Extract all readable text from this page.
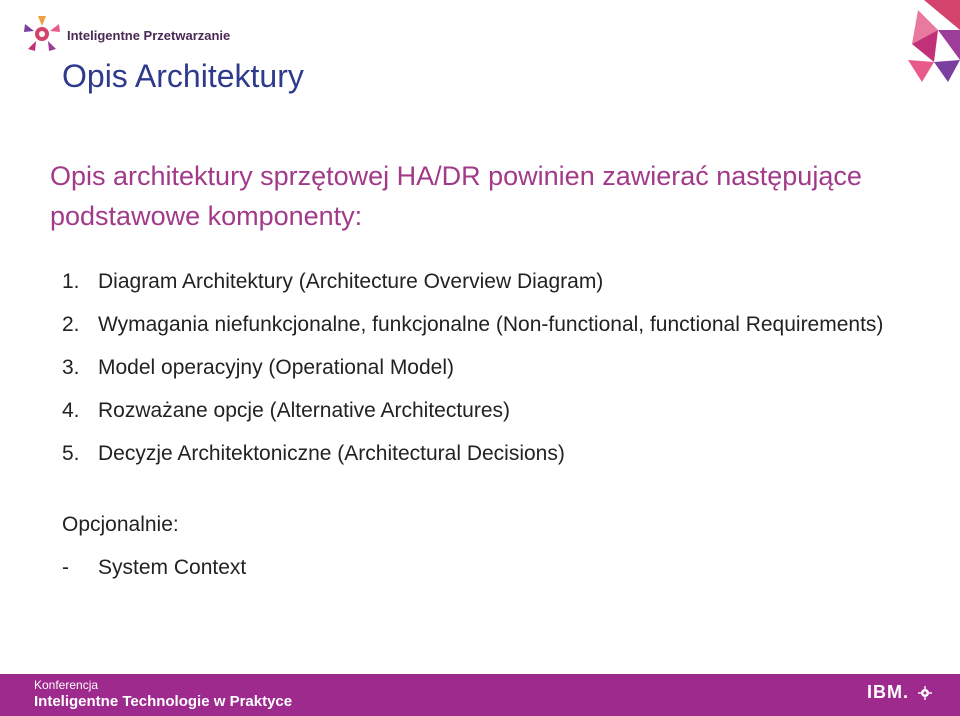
Inteligentne Przetwarzanie
Opis Architektury
Opis architektury sprzętowej HA/DR powinien zawierać następujące podstawowe komponenty:
1. Diagram Architektury (Architecture Overview Diagram)
2. Wymagania niefunkcjonalne, funkcjonalne (Non-functional, functional Requirements)
3. Model operacyjny (Operational Model)
4. Rozważane opcje (Alternative Architectures)
5. Decyzje Architektoniczne (Architectural Decisions)
Opcjonalnie:
- System Context
Konferencja
Inteligentne Technologie w Praktyce	IBM.
